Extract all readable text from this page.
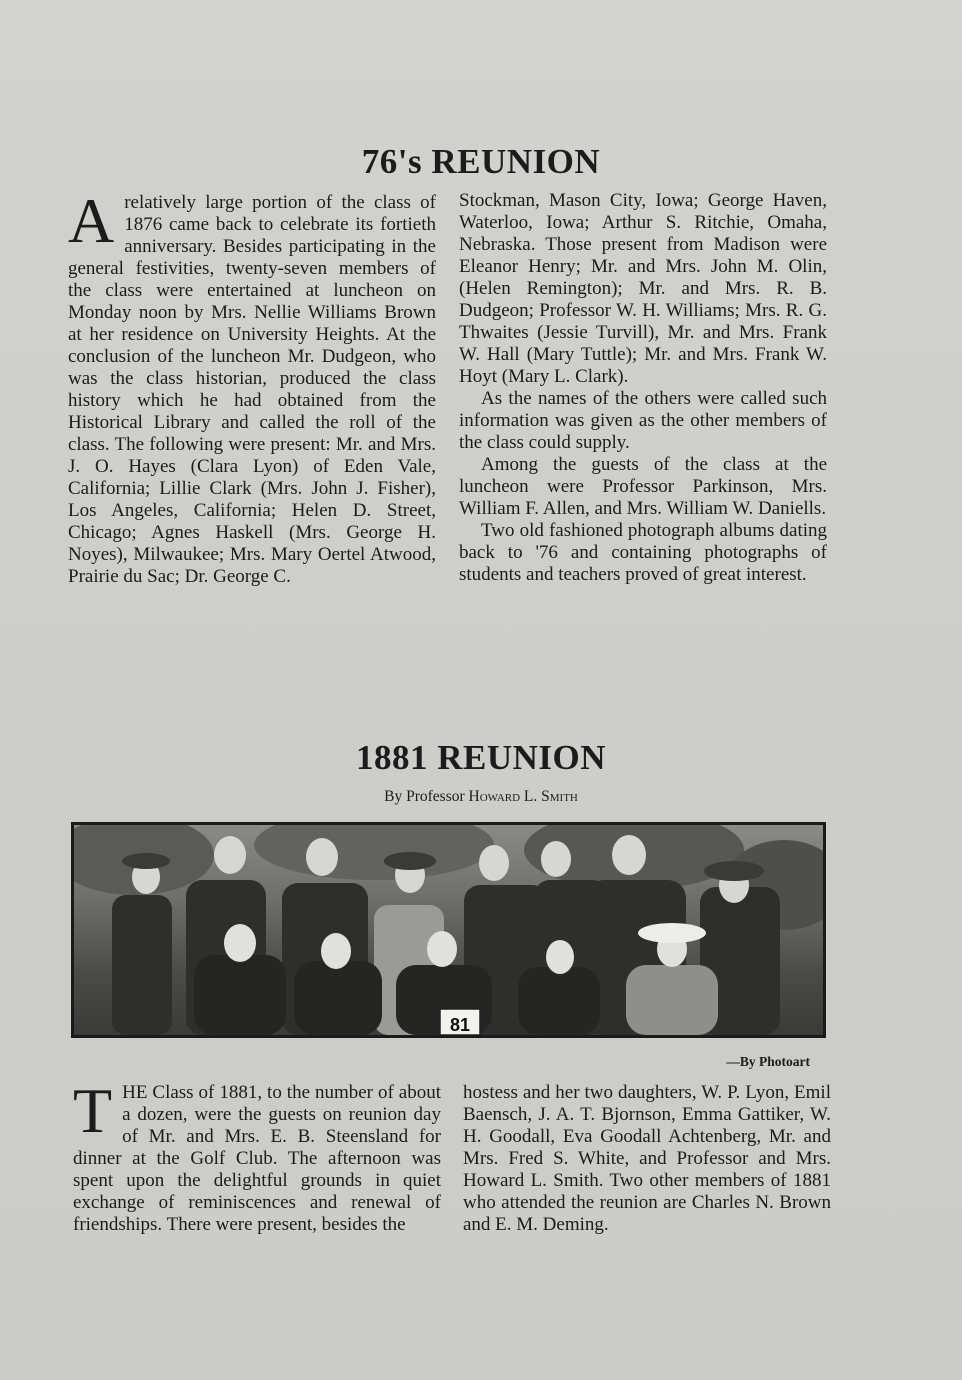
76's REUNION
A relatively large portion of the class of 1876 came back to celebrate its fortieth anniversary. Besides participating in the general festivities, twenty-seven members of the class were entertained at luncheon on Monday noon by Mrs. Nellie Williams Brown at her residence on University Heights. At the conclusion of the luncheon Mr. Dudgeon, who was the class historian, produced the class history which he had obtained from the Historical Library and called the roll of the class. The following were present: Mr. and Mrs. J. O. Hayes (Clara Lyon) of Eden Vale, California; Lillie Clark (Mrs. John J. Fisher), Los Angeles, California; Helen D. Street, Chicago; Agnes Haskell (Mrs. George H. Noyes), Milwaukee; Mrs. Mary Oertel Atwood, Prairie du Sac; Dr. George C.

Stockman, Mason City, Iowa; George Haven, Waterloo, Iowa; Arthur S. Ritchie, Omaha, Nebraska. Those present from Madison were Eleanor Henry; Mr. and Mrs. John M. Olin, (Helen Remington); Mr. and Mrs. R. B. Dudgeon; Professor W. H. Williams; Mrs. R. G. Thwaites (Jessie Turvill), Mr. and Mrs. Frank W. Hall (Mary Tuttle); Mr. and Mrs. Frank W. Hoyt (Mary L. Clark).

As the names of the others were called such information was given as the other members of the class could supply.

Among the guests of the class at the luncheon were Professor Parkinson, Mrs. William F. Allen, and Mrs. William W. Daniells.

Two old fashioned photograph albums dating back to '76 and containing photographs of students and teachers proved of great interest.

1881 REUNION
By Professor Howard L. Smith
81
—By Photoart
T HE Class of 1881, to the number of about a dozen, were the guests on reunion day of Mr. and Mrs. E. B. Steensland for dinner at the Golf Club. The afternoon was spent upon the delightful grounds in quiet exchange of reminiscences and renewal of friendships. There were present, besides the

hostess and her two daughters, W. P. Lyon, Emil Baensch, J. A. T. Bjornson, Emma Gattiker, W. H. Goodall, Eva Goodall Achtenberg, Mr. and Mrs. Fred S. White, and Professor and Mrs. Howard L. Smith. Two other members of 1881 who attended the reunion are Charles N. Brown and E. M. Deming.
